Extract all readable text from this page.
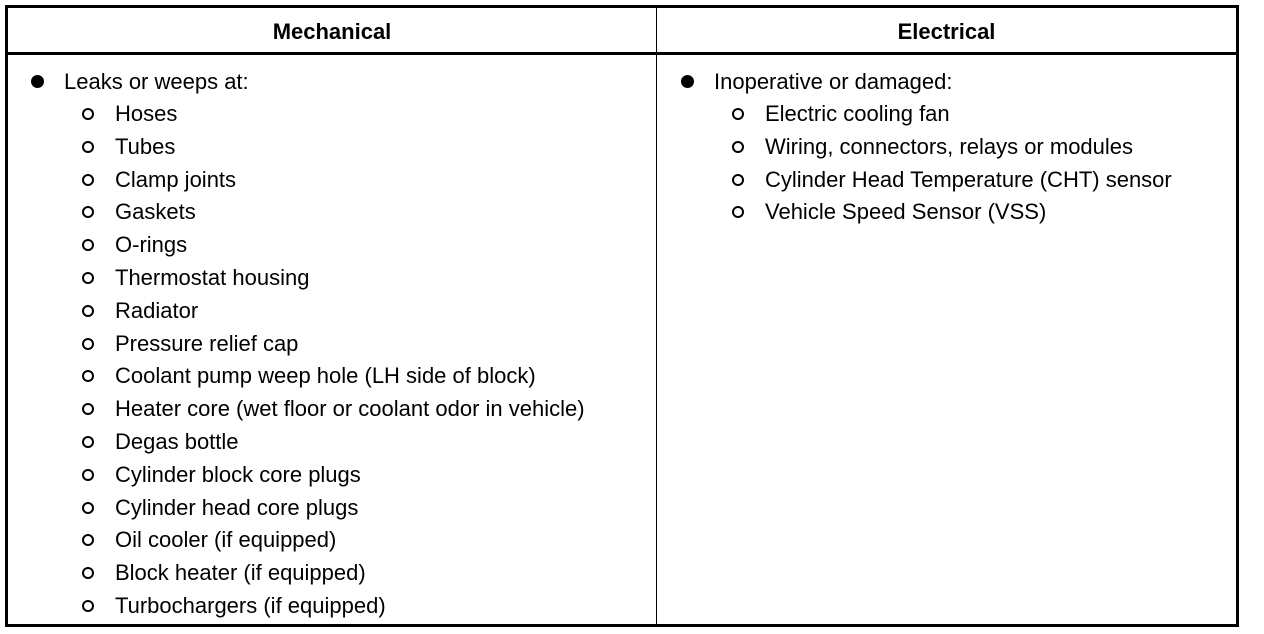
Mechanical	Electrical
Leaks or weeps at:
Hoses
Tubes
Clamp joints
Gaskets
O-rings
Thermostat housing
Radiator
Pressure relief cap
Coolant pump weep hole (LH side of block)
Heater core (wet floor or coolant odor in vehicle)
Degas bottle
Cylinder block core plugs
Cylinder head core plugs
Oil cooler (if equipped)
Block heater (if equipped)
Turbochargers (if equipped)
Inoperative or damaged:
Electric cooling fan
Wiring, connectors, relays or modules
Cylinder Head Temperature (CHT) sensor
Vehicle Speed Sensor (VSS)
